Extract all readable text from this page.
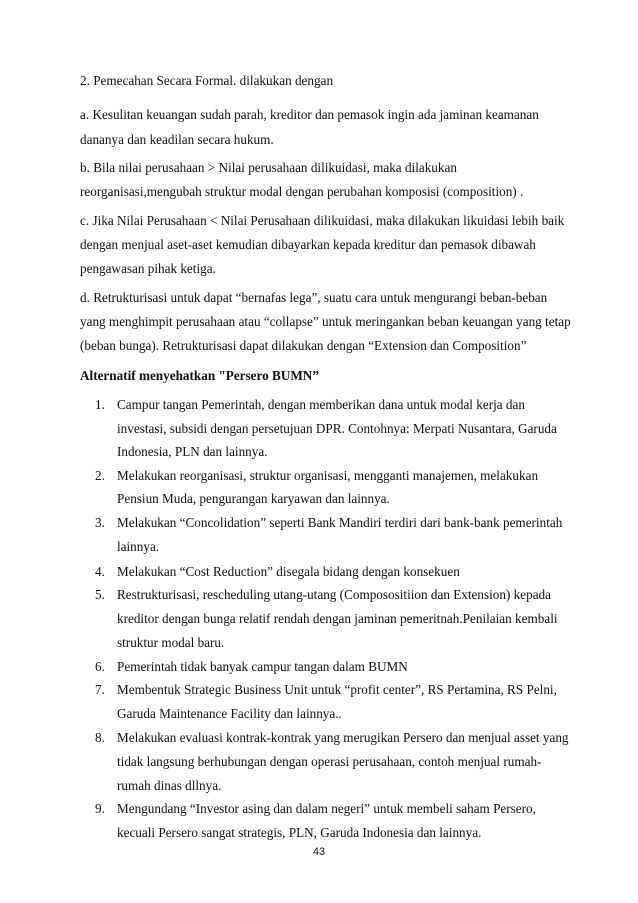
2. Pemecahan Secara Formal. dilakukan dengan
a. Kesulitan keuangan sudah parah, kreditor dan pemasok ingin ada jaminan keamanan
dananya dan keadilan secara hukum.
b. Bila nilai perusahaan > Nilai perusahaan dilikuidasi, maka dilakukan
reorganisasi,mengubah struktur modal dengan perubahan komposisi (composition) .
c. Jika Nilai Perusahaan < Nilai Perusahaan dilikuidasi, maka dilakukan likuidasi lebih baik
dengan menjual aset-aset kemudian dibayarkan kepada kreditur dan pemasok dibawah
pengawasan pihak ketiga.
d. Retrukturisasi untuk dapat “bernafas lega”, suatu cara untuk mengurangi beban-beban
yang menghimpit perusahaan atau “collapse” untuk meringankan beban keuangan yang tetap
(beban bunga). Retrukturisasi dapat dilakukan dengan “Extension dan Composition”
Alternatif menyehatkan "Persero BUMN”
1. Campur tangan Pemerintah, dengan memberikan dana untuk modal kerja dan
investasi, subsidi dengan persetujuan DPR. Contohnya: Merpati Nusantara, Garuda
Indonesia, PLN dan lainnya.
2. Melakukan reorganisasi, struktur organisasi, mengganti manajemen, melakukan
Pensiun Muda, pengurangan karyawan dan lainnya.
3. Melakukan “Concolidation” seperti Bank Mandiri terdiri dari bank-bank pemerintah
lainnya.
4. Melakukan “Cost Reduction” disegala bidang dengan konsekuen
5. Restrukturisasi, rescheduling utang-utang (Composositiion dan Extension) kepada
kreditor dengan bunga relatif rendah dengan jaminan pemeritnah.Penilaian kembali
struktur modal baru.
6. Pemerintah tidak banyak campur tangan dalam BUMN
7. Membentuk Strategic Business Unit untuk “profit center”, RS Pertamina, RS Pelni,
Garuda Maintenance Facility dan lainnya..
8. Melakukan evaluasi kontrak-kontrak yang merugikan Persero dan menjual asset yang
tidak langsung berhubungan dengan operasi perusahaan, contoh menjual rumah-
rumah dinas dllnya.
9. Mengundang “Investor asing dan dalam negeri” untuk membeli saham Persero,
kecuali Persero sangat strategis, PLN, Garuda Indonesia dan lainnya.
43
